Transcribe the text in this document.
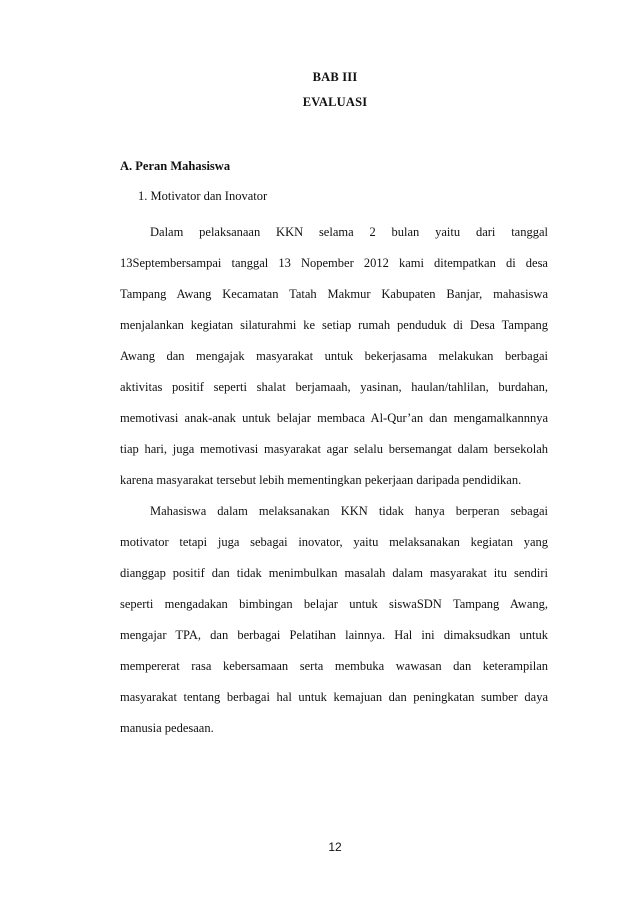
BAB III
EVALUASI
A. Peran Mahasiswa
1. Motivator dan Inovator
Dalam pelaksanaan KKN selama 2 bulan yaitu dari tanggal
13Septembersampai tanggal 13 Nopember 2012 kami ditempatkan di desa
Tampang Awang Kecamatan Tatah Makmur Kabupaten Banjar, mahasiswa
menjalankan kegiatan silaturahmi ke setiap rumah penduduk di Desa Tampang
Awang dan mengajak masyarakat untuk bekerjasama melakukan berbagai
aktivitas positif seperti shalat berjamaah, yasinan, haulan/tahlilan, burdahan,
memotivasi anak-anak untuk belajar membaca Al-Qur’an dan mengamalkannnya
tiap hari, juga memotivasi masyarakat agar selalu bersemangat dalam bersekolah
karena masyarakat tersebut lebih mementingkan pekerjaan daripada pendidikan.
Mahasiswa dalam melaksanakan KKN tidak hanya berperan sebagai
motivator tetapi juga sebagai inovator, yaitu melaksanakan kegiatan yang
dianggap positif dan tidak menimbulkan masalah dalam masyarakat itu sendiri
seperti mengadakan bimbingan belajar untuk siswaSDN Tampang Awang,
mengajar TPA, dan berbagai Pelatihan lainnya. Hal ini dimaksudkan untuk
mempererat rasa kebersamaan serta membuka wawasan dan keterampilan
masyarakat tentang berbagai hal untuk kemajuan dan peningkatan sumber daya
manusia pedesaan.
12
